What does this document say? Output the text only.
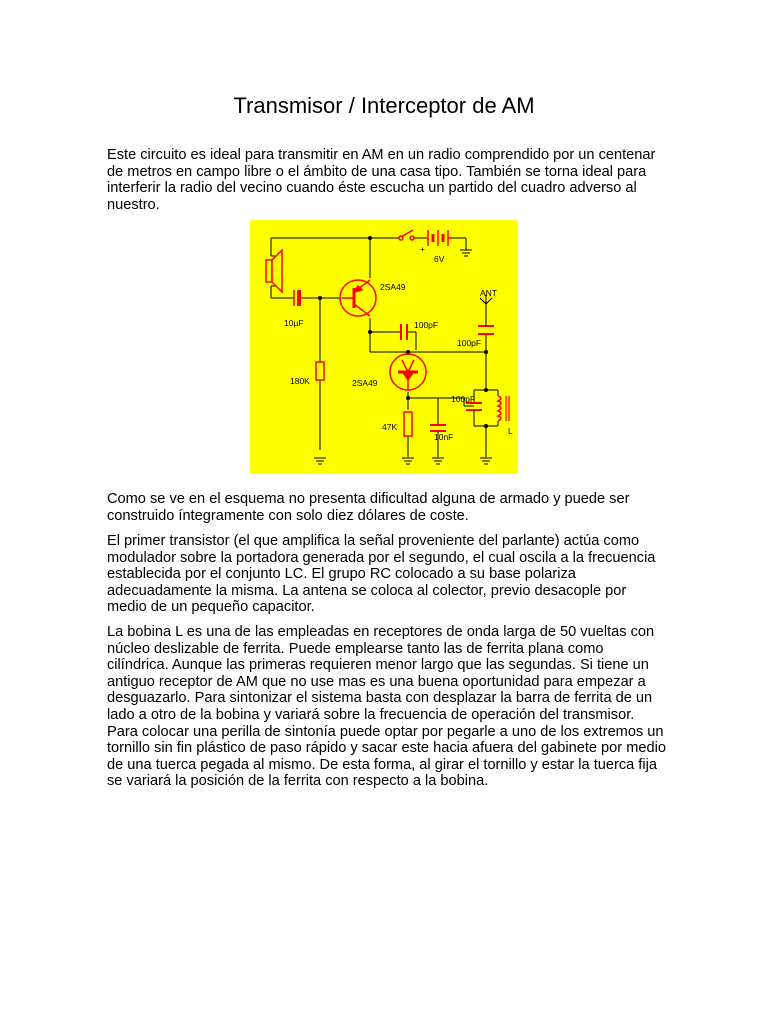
Transmisor / Interceptor de AM

Este circuito es ideal para transmitir en AM en un radio comprendido por un centenar de metros en campo libre o el ámbito de una casa tipo. También se torna ideal para interferir la radio del vecino cuando éste escucha un partido del cuadro adverso al nuestro.

6V
+
2SA49
2SA49
10µF	100pF
100pF
100pF
10nF
180K
47K
ANT
L

Como se ve en el esquema no presenta dificultad alguna de armado y puede ser construido íntegramente con solo diez dólares de coste.

El primer transistor (el que amplifica la señal proveniente del parlante) actúa como modulador sobre la portadora generada por el segundo, el cual oscila a la frecuencia establecida por el conjunto LC. El grupo RC colocado a su base polariza adecuadamente la misma. La antena se coloca al colector, previo desacople por medio de un pequeño capacitor.

La bobina L es una de las empleadas en receptores de onda larga de 50 vueltas con núcleo deslizable de ferrita. Puede emplearse tanto las de ferrita plana como cilíndrica. Aunque las primeras requieren menor largo que las segundas. Si tiene un antiguo receptor de AM que no use mas es una buena oportunidad para empezar a desguazarlo. Para sintonizar el sistema basta con desplazar la barra de ferrita de un lado a otro de la bobina y variará sobre la frecuencia de operación del transmisor. Para colocar una perilla de sintonía puede optar por pegarle a uno de los extremos un tornillo sin fin plástico de paso rápido y sacar este hacia afuera del gabinete por medio de una tuerca pegada al mismo. De esta forma, al girar el tornillo y estar la tuerca fija se variará la posición de la ferrita con respecto a la bobina.
